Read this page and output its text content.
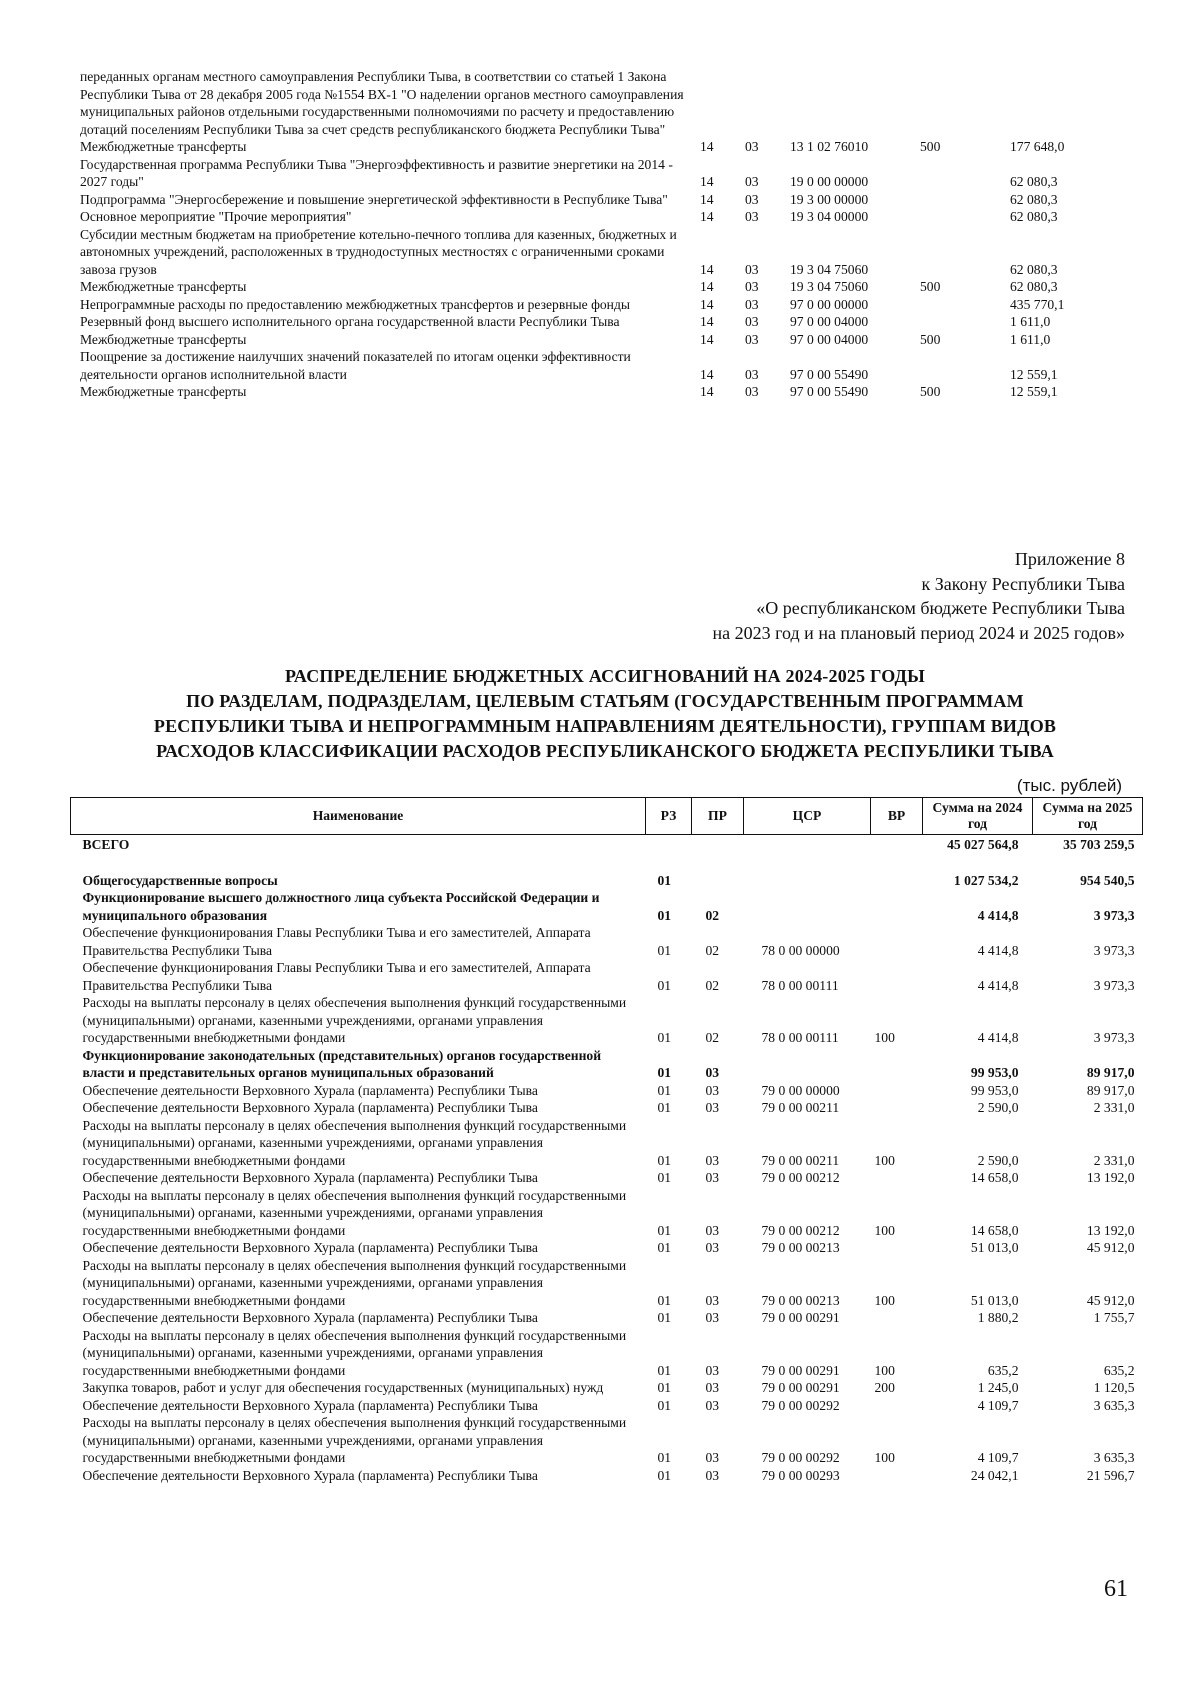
переданных органам местного самоуправления Республики Тыва, в соответствии со статьей 1 Закона Республики Тыва от 28 декабря 2005 года №1554 ВХ-1 "О наделении органов местного самоуправления муниципальных районов отдельными государственными полномочиями по расчету и предоставлению дотаций поселениям Республики Тыва за счет средств республиканского бюджета Республики Тыва"					
Межбюджетные трансферты	14	03	13 1 02 76010	500	177 648,0
Государственная программа Республики Тыва "Энергоэффективность и развитие энергетики на 2014 - 2027 годы"	14	03	19 0 00 00000		62 080,3
Подпрограмма "Энергосбережение и повышение энергетической эффективности в Республике Тыва"	14	03	19 3 00 00000		62 080,3
Основное мероприятие "Прочие мероприятия"	14	03	19 3 04 00000		62 080,3
Субсидии местным бюджетам на приобретение котельно-печного топлива для казенных, бюджетных и автономных учреждений, расположенных в труднодоступных местностях с ограниченными сроками завоза грузов	14	03	19 3 04 75060		62 080,3
Межбюджетные трансферты	14	03	19 3 04 75060	500	62 080,3
Непрограммные расходы по предоставлению межбюджетных трансфертов и резервные фонды	14	03	97 0 00 00000		435 770,1
Резервный фонд высшего исполнительного органа государственной власти Республики Тыва	14	03	97 0 00 04000		1 611,0
Межбюджетные трансферты	14	03	97 0 00 04000	500	1 611,0
Поощрение за достижение наилучших значений показателей по итогам оценки эффективности деятельности органов исполнительной власти	14	03	97 0 00 55490		12 559,1
Межбюджетные трансферты	14	03	97 0 00 55490	500	12 559,1
Приложение 8
к Закону Республики Тыва
«О республиканском бюджете Республики Тыва
на 2023 год и на плановый период 2024 и 2025 годов»
РАСПРЕДЕЛЕНИЕ БЮДЖЕТНЫХ АССИГНОВАНИЙ НА 2024-2025 ГОДЫ
ПО РАЗДЕЛАМ, ПОДРАЗДЕЛАМ, ЦЕЛЕВЫМ СТАТЬЯМ (ГОСУДАРСТВЕННЫМ ПРОГРАММАМ
РЕСПУБЛИКИ ТЫВА И НЕПРОГРАММНЫМ НАПРАВЛЕНИЯМ ДЕЯТЕЛЬНОСТИ), ГРУППАМ ВИДОВ
РАСХОДОВ КЛАССИФИКАЦИИ РАСХОДОВ РЕСПУБЛИКАНСКОГО БЮДЖЕТА РЕСПУБЛИКИ ТЫВА
(тыс. рублей)
Наименование	РЗ	ПР	ЦСР	ВР	Сумма на 2024 год	Сумма на 2025 год
ВСЕГО					45 027 564,8	35 703 259,5

Общегосударственные вопросы	01				1 027 534,2	954 540,5
Функционирование высшего должностного лица субъекта Российской Федерации и муниципального образования	01	02			4 414,8	3 973,3
Обеспечение функционирования Главы Республики Тыва и его заместителей, Аппарата Правительства Республики Тыва	01	02	78 0 00 00000		4 414,8	3 973,3
Обеспечение функционирования Главы Республики Тыва и его заместителей, Аппарата Правительства Республики Тыва	01	02	78 0 00 00111		4 414,8	3 973,3
Расходы на выплаты персоналу в целях обеспечения выполнения функций государственными (муниципальными) органами, казенными учреждениями, органами управления государственными внебюджетными фондами	01	02	78 0 00 00111	100	4 414,8	3 973,3
Функционирование законодательных (представительных) органов государственной власти и представительных органов муниципальных образований	01	03			99 953,0	89 917,0
Обеспечение деятельности Верховного Хурала (парламента) Республики Тыва	01	03	79 0 00 00000		99 953,0	89 917,0
Обеспечение деятельности Верховного Хурала (парламента) Республики Тыва	01	03	79 0 00 00211		2 590,0	2 331,0
Расходы на выплаты персоналу в целях обеспечения выполнения функций государственными (муниципальными) органами, казенными учреждениями, органами управления государственными внебюджетными фондами	01	03	79 0 00 00211	100	2 590,0	2 331,0
Обеспечение деятельности Верховного Хурала (парламента) Республики Тыва	01	03	79 0 00 00212		14 658,0	13 192,0
Расходы на выплаты персоналу в целях обеспечения выполнения функций государственными (муниципальными) органами, казенными учреждениями, органами управления государственными внебюджетными фондами	01	03	79 0 00 00212	100	14 658,0	13 192,0
Обеспечение деятельности Верховного Хурала (парламента) Республики Тыва	01	03	79 0 00 00213		51 013,0	45 912,0
Расходы на выплаты персоналу в целях обеспечения выполнения функций государственными (муниципальными) органами, казенными учреждениями, органами управления государственными внебюджетными фондами	01	03	79 0 00 00213	100	51 013,0	45 912,0
Обеспечение деятельности Верховного Хурала (парламента) Республики Тыва	01	03	79 0 00 00291		1 880,2	1 755,7
Расходы на выплаты персоналу в целях обеспечения выполнения функций государственными (муниципальными) органами, казенными учреждениями, органами управления государственными внебюджетными фондами	01	03	79 0 00 00291	100	635,2	635,2
Закупка товаров, работ и услуг для обеспечения государственных (муниципальных) нужд	01	03	79 0 00 00291	200	1 245,0	1 120,5
Обеспечение деятельности Верховного Хурала (парламента) Республики Тыва	01	03	79 0 00 00292		4 109,7	3 635,3
Расходы на выплаты персоналу в целях обеспечения выполнения функций государственными (муниципальными) органами, казенными учреждениями, органами управления государственными внебюджетными фондами	01	03	79 0 00 00292	100	4 109,7	3 635,3
Обеспечение деятельности Верховного Хурала (парламента) Республики Тыва	01	03	79 0 00 00293		24 042,1	21 596,7
61
